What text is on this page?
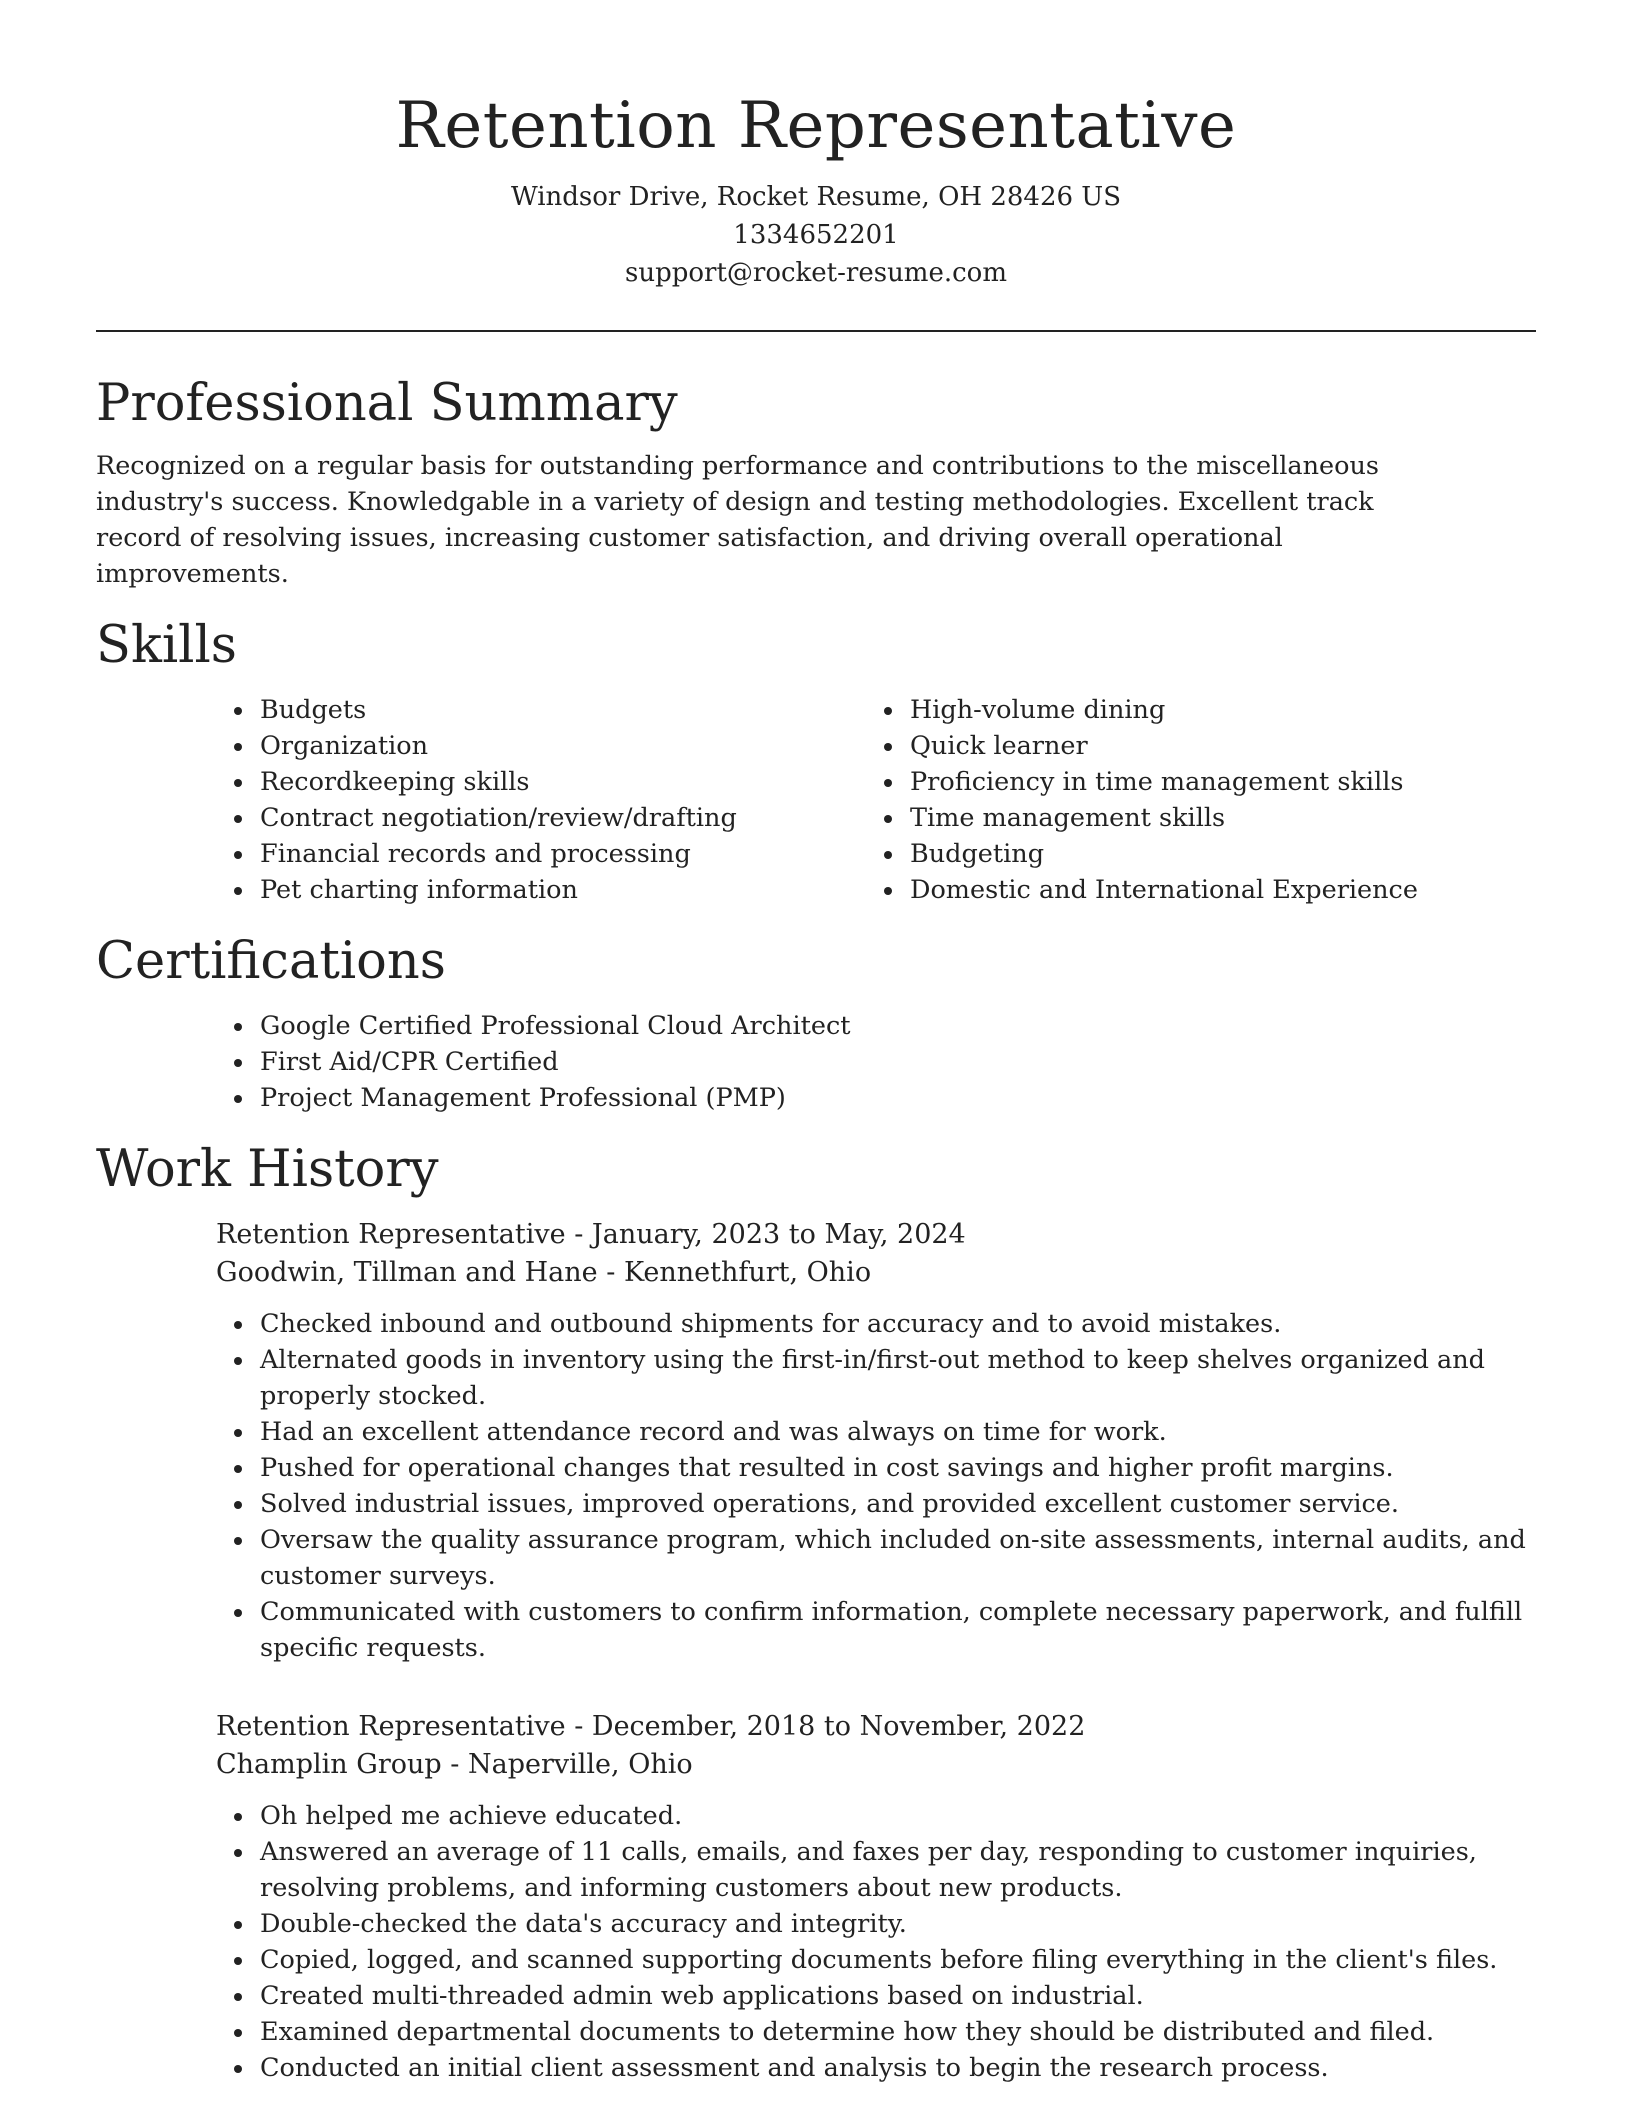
Retention Representative

Windsor Drive, Rocket Resume, OH 28426 US

1334652201

support@rocket-resume.com

Professional Summary

Recognized on a regular basis for outstanding performance and contributions to the miscellaneous industry's success. Knowledgable in a variety of design and testing methodologies. Excellent track record of resolving issues, increasing customer satisfaction, and driving overall operational improvements.

Skills
Budgets
Organization
Recordkeeping skills
Contract negotiation/review/drafting
Financial records and processing
Pet charting information
High-volume dining
Quick learner
Proficiency in time management skills
Time management skills
Budgeting
Domestic and International Experience
Certifications
Google Certified Professional Cloud Architect
First Aid/CPR Certified
Project Management Professional (PMP)
Work History

Retention Representative - January, 2023 to May, 2024

Goodwin, Tillman and Hane - Kennethfurt, Ohio

Checked inbound and outbound shipments for accuracy and to avoid mistakes.
Alternated goods in inventory using the first-in/first-out method to keep shelves organized and properly stocked.
Had an excellent attendance record and was always on time for work.
Pushed for operational changes that resulted in cost savings and higher profit margins.
Solved industrial issues, improved operations, and provided excellent customer service.
Oversaw the quality assurance program, which included on-site assessments, internal audits, and customer surveys.
Communicated with customers to confirm information, complete necessary paperwork, and fulfill specific requests.

Retention Representative - December, 2018 to November, 2022

Champlin Group - Naperville, Ohio

Oh helped me achieve educated.
Answered an average of 11 calls, emails, and faxes per day, responding to customer inquiries, resolving problems, and informing customers about new products.
Double-checked the data's accuracy and integrity.
Copied, logged, and scanned supporting documents before filing everything in the client's files.
Created multi-threaded admin web applications based on industrial.
Examined departmental documents to determine how they should be distributed and filed.
Conducted an initial client assessment and analysis to begin the research process.
